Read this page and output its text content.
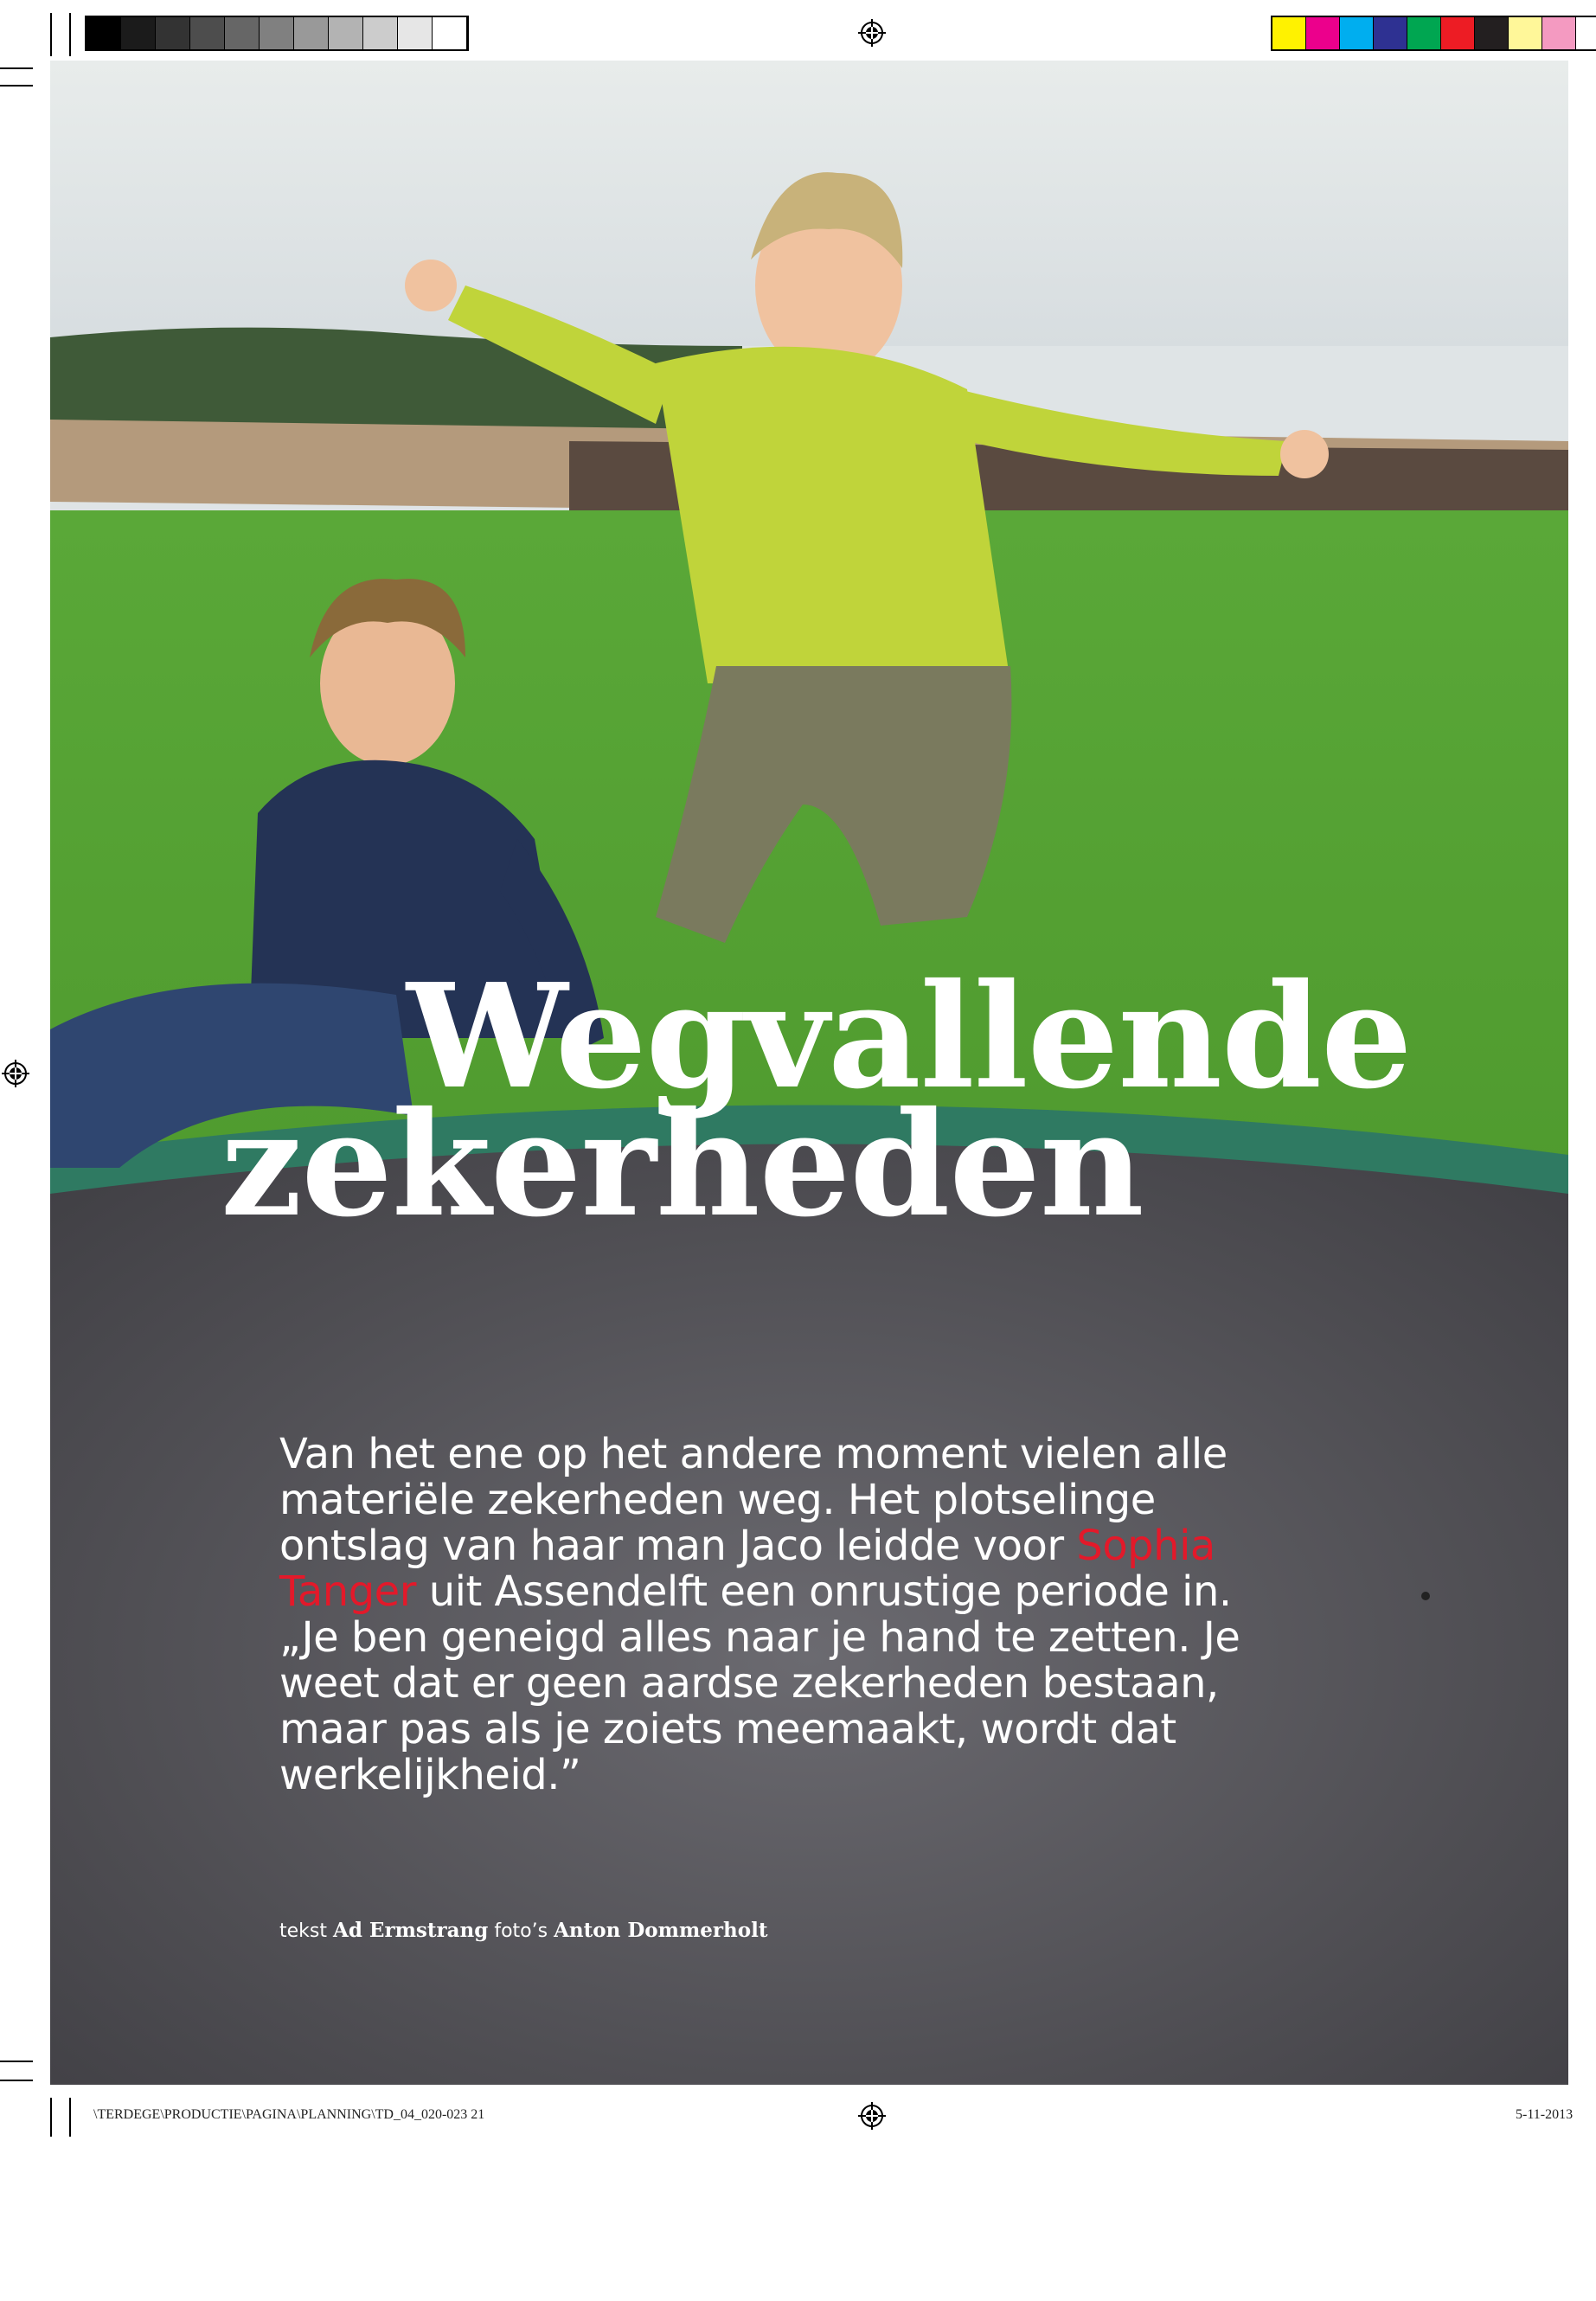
Wegvallende
zekerheden
Van het ene op het andere moment vielen alle materiële zekerheden weg. Het plotselinge ontslag van haar man Jaco leidde voor Sophia Tanger uit Assendelft een onrustige periode in. „Je ben geneigd alles naar je hand te zetten. Je weet dat er geen aardse zekerheden bestaan, maar pas als je zoiets meemaakt, wordt dat werkelijkheid.”
tekst Ad Ermstrang foto’s Anton Dommerholt
\TERDEGE\PRODUCTIE\PAGINA\PLANNING\TD_04_020-023 21	5-11-2013
